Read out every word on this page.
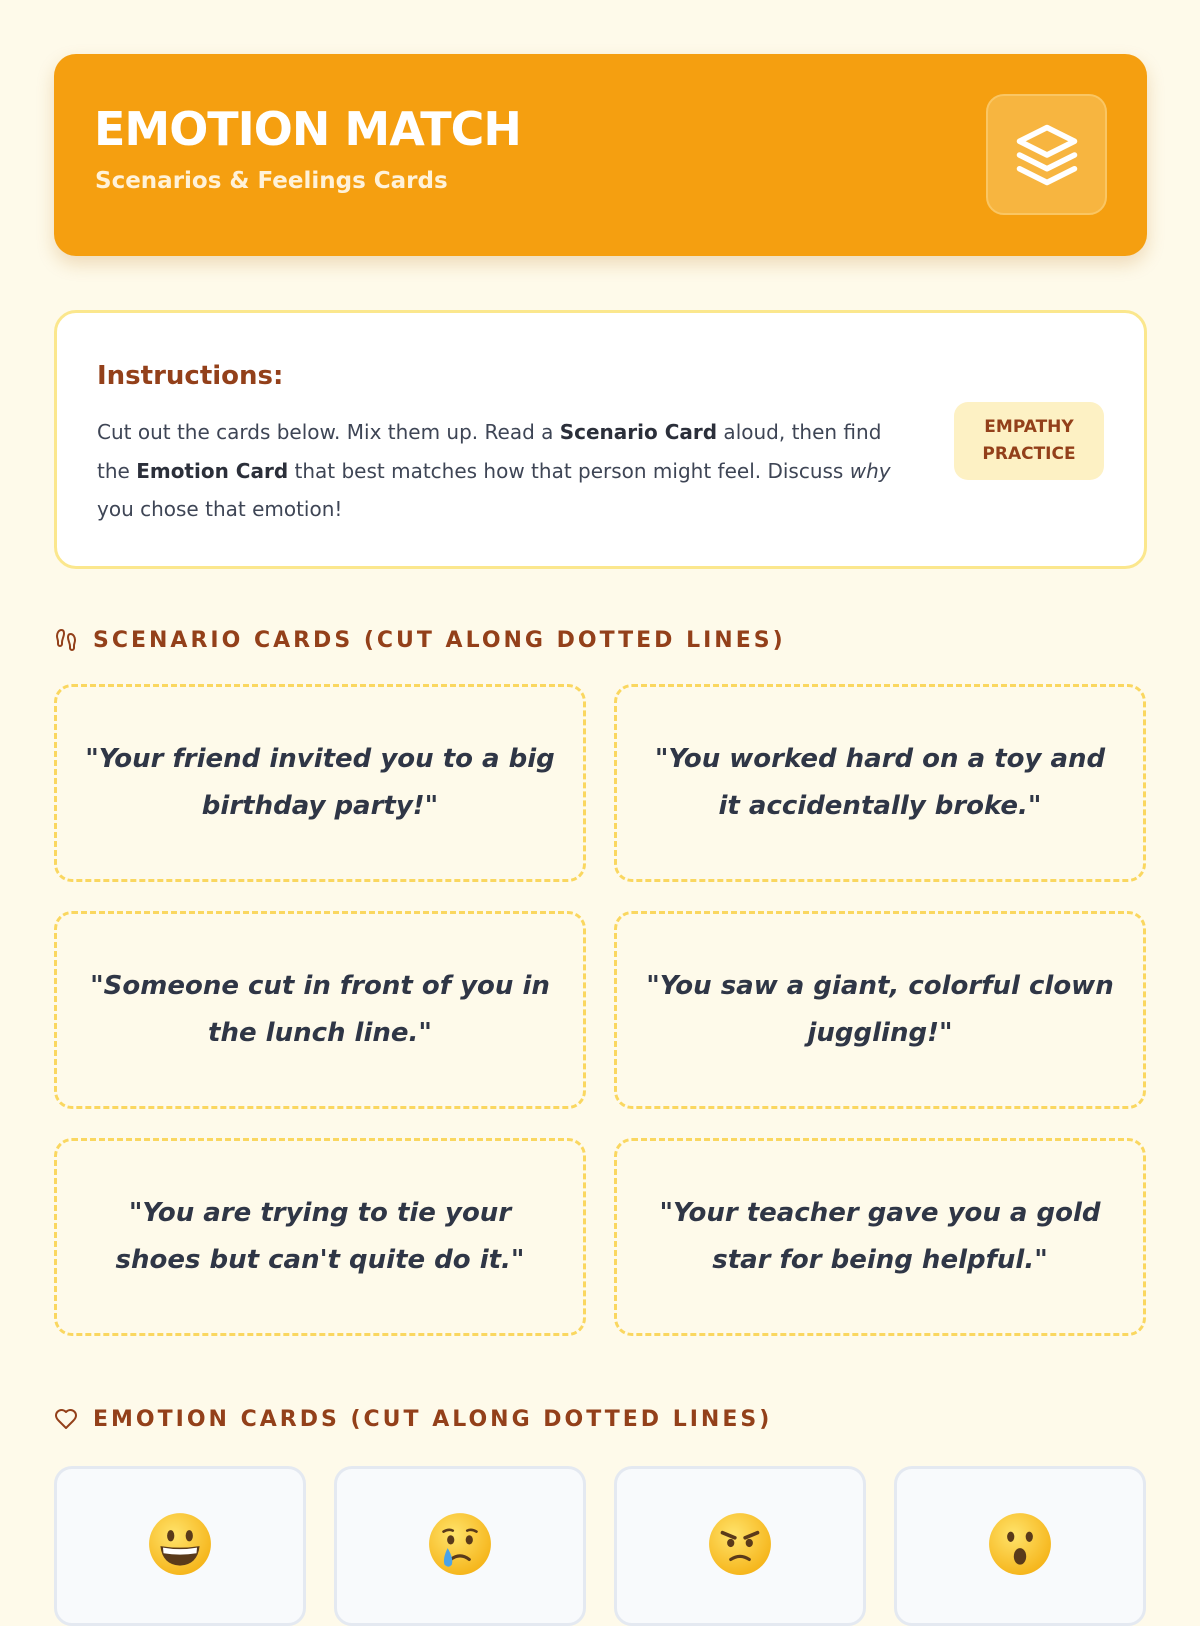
EMOTION MATCH
Scenarios & Feelings Cards
Instructions:
Cut out the cards below. Mix them up. Read a Scenario Card aloud, then find the Emotion Card that best matches how that person might feel. Discuss why you chose that emotion!
EMPATHY PRACTICE
SCENARIO CARDS (CUT ALONG DOTTED LINES)
"Your friend invited you to a big birthday party!"
"You worked hard on a toy and it accidentally broke."
"Someone cut in front of you in the lunch line."
"You saw a giant, colorful clown juggling!"
"You are trying to tie your shoes but can't quite do it."
"Your teacher gave you a gold star for being helpful."
EMOTION CARDS (CUT ALONG DOTTED LINES)
